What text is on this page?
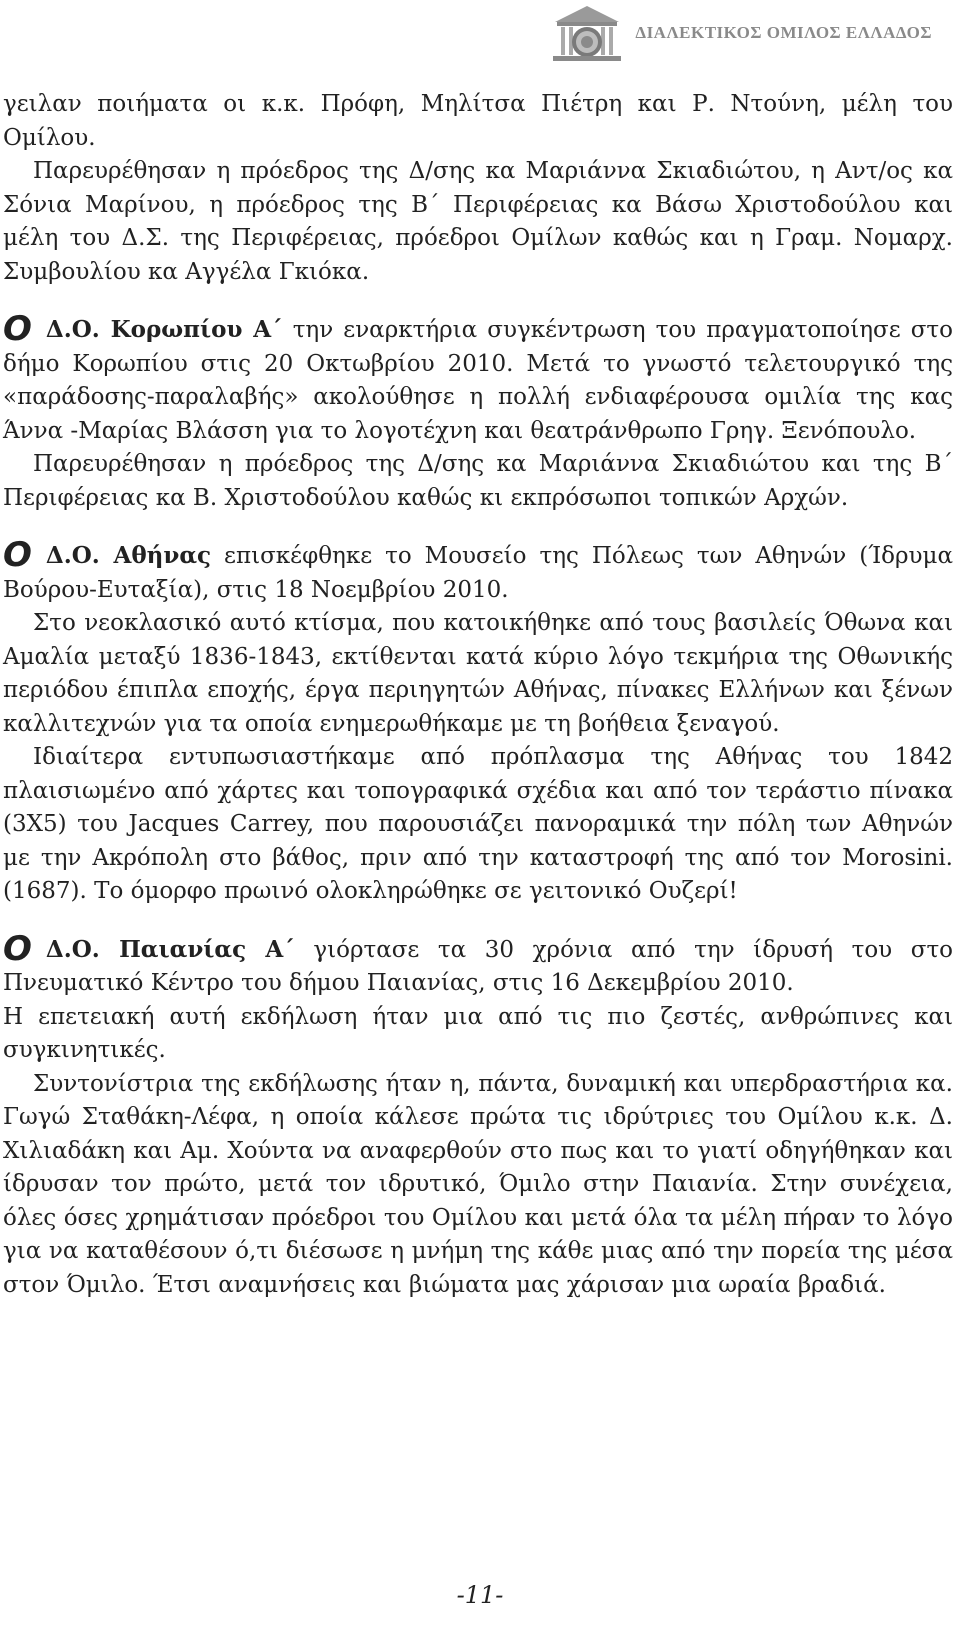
ΔΙΑΛΕΚΤΙΚΟΣ ΟΜΙΛΟΣ ΕΛΛΑΔΟΣ

γειλαν ποιήματα οι κ.κ. Πρόφη, Μηλίτσα Πιέτρη και Ρ. Ντούνη, μέλη του Ομίλου.

Παρευρέθησαν η πρόεδρος της Δ/σης κα Μαριάννα Σκιαδιώτου, η Αντ/ος κα Σόνια Μαρίνου, η πρόεδρος της Β΄ Περιφέρειας κα Βάσω Χριστοδούλου και μέλη του Δ.Σ. της Περιφέρειας, πρόεδροι Ομίλων καθώς και η Γραμ. Νομαρχ. Συμβουλίου κα Αγγέλα Γκιόκα.

Ο Δ.Ο. Κορωπίου Α΄ την εναρκτήρια συγκέντρωση του πραγματοποίησε στο δήμο Κορωπίου στις 20 Οκτωβρίου 2010. Μετά το γνωστό τελετουργικό της «παράδοσης-παραλαβής» ακολούθησε η πολλή ενδιαφέρουσα ομιλία της κας Άννα -Μαρίας Βλάσση για το λογοτέχνη και θεατράνθρωπο Γρηγ. Ξενόπουλο.

Παρευρέθησαν η πρόεδρος της Δ/σης κα Μαριάννα Σκιαδιώτου και της Β΄ Περιφέρειας κα Β. Χριστοδούλου καθώς κι εκπρόσωποι τοπικών Αρχών.

Ο Δ.Ο. Αθήνας επισκέφθηκε το Μουσείο της Πόλεως των Αθηνών (Ίδρυμα Βούρου-Ευταξία), στις 18 Νοεμβρίου 2010.

Στο νεοκλασικό αυτό κτίσμα, που κατοικήθηκε από τους βασιλείς Όθωνα και Αμαλία μεταξύ 1836-1843, εκτίθενται κατά κύριο λόγο τεκμήρια της Οθωνικής περιόδου έπιπλα εποχής, έργα περιηγητών Αθήνας, πίνακες Ελλήνων και ξένων καλλιτεχνών για τα οποία ενημερωθήκαμε με τη βοήθεια ξεναγού.

Ιδιαίτερα εντυπωσιαστήκαμε από πρόπλασμα της Αθήνας του 1842 πλαισιωμένο από χάρτες και τοπογραφικά σχέδια και από τον τεράστιο πίνακα (3Χ5) του Jacques Carrey, που παρουσιάζει πανοραμικά την πόλη των Αθηνών με την Ακρόπολη στο βάθος, πριν από την καταστροφή της από τον Morosini.(1687). Το όμορφο πρωινό ολοκληρώθηκε σε γειτονικό Ουζερί!

Ο Δ.Ο. Παιανίας Α΄ γιόρτασε τα 30 χρόνια από την ίδρυσή του στο Πνευματικό Κέντρο του δήμου Παιανίας, στις 16 Δεκεμβρίου 2010.

Η επετειακή αυτή εκδήλωση ήταν μια από τις πιο ζεστές, ανθρώπινες και συγκινητικές.

Συντονίστρια της εκδήλωσης ήταν η, πάντα, δυναμική και υπερδραστήρια κα. Γωγώ Σταθάκη-Λέφα, η οποία κάλεσε πρώτα τις ιδρύτριες του Ομίλου κ.κ. Δ. Χιλιαδάκη και Αμ. Χούντα να αναφερθούν στο πως και το γιατί οδηγήθηκαν και ίδρυσαν τον πρώτο, μετά τον ιδρυτικό, Όμιλο στην Παιανία. Στην συνέχεια, όλες όσες χρημάτισαν πρόεδροι του Ομίλου και μετά όλα τα μέλη πήραν το λόγο για να καταθέσουν ό,τι διέσωσε η μνήμη της κάθε μιας από την πορεία της μέσα στον Όμιλο. Έτσι αναμνήσεις και βιώματα μας χάρισαν μια ωραία βραδιά.

-11-
